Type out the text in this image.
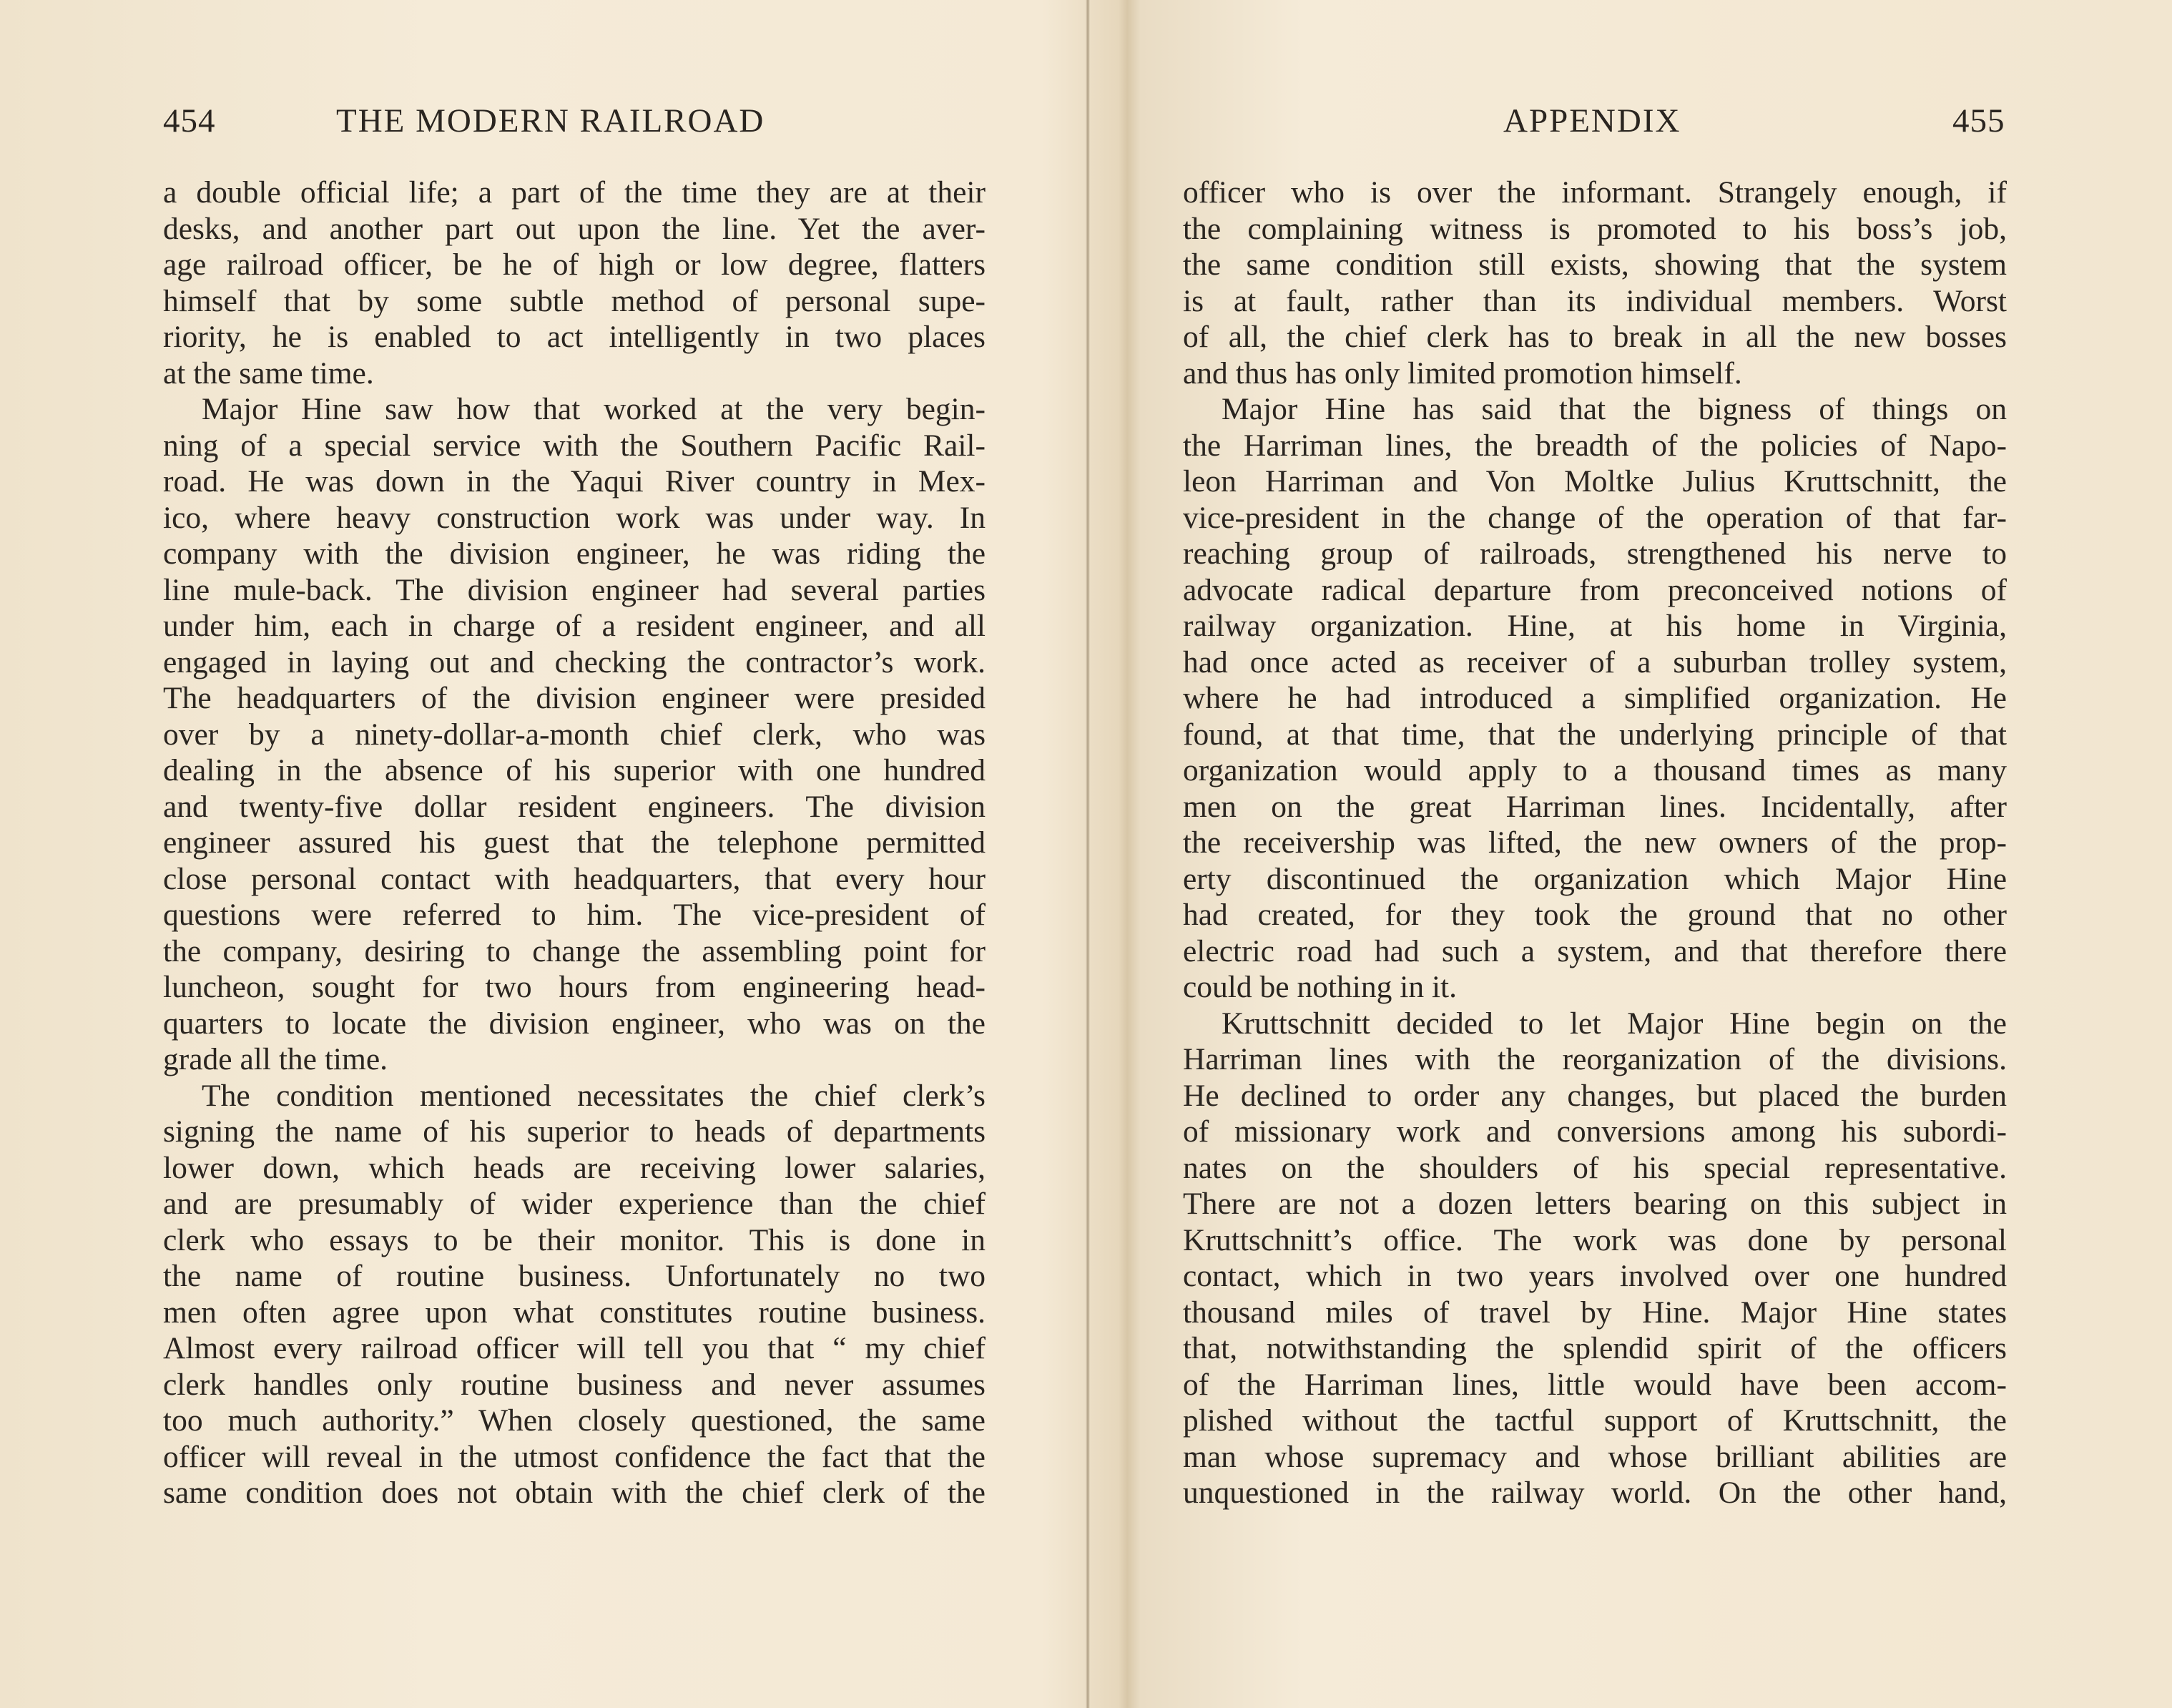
454	THE MODERN RAILROAD
a double official life; a part of the time they are at their
desks, and another part out upon the line. Yet the aver-
age railroad officer, be he of high or low degree, flatters
himself that by some subtle method of personal supe-
riority, he is enabled to act intelligently in two places
at the same time.
Major Hine saw how that worked at the very begin-
ning of a special service with the Southern Pacific Rail-
road. He was down in the Yaqui River country in Mex-
ico, where heavy construction work was under way. In
company with the division engineer, he was riding the
line mule-back. The division engineer had several parties
under him, each in charge of a resident engineer, and all
engaged in laying out and checking the contractor’s work.
The headquarters of the division engineer were presided
over by a ninety-dollar-a-month chief clerk, who was
dealing in the absence of his superior with one hundred
and twenty-five dollar resident engineers. The division
engineer assured his guest that the telephone permitted
close personal contact with headquarters, that every hour
questions were referred to him. The vice-president of
the company, desiring to change the assembling point for
luncheon, sought for two hours from engineering head-
quarters to locate the division engineer, who was on the
grade all the time.
The condition mentioned necessitates the chief clerk’s
signing the name of his superior to heads of departments
lower down, which heads are receiving lower salaries,
and are presumably of wider experience than the chief
clerk who essays to be their monitor. This is done in
the name of routine business. Unfortunately no two
men often agree upon what constitutes routine business.
Almost every railroad officer will tell you that “ my chief
clerk handles only routine business and never assumes
too much authority.” When closely questioned, the same
officer will reveal in the utmost confidence the fact that the
same condition does not obtain with the chief clerk of the
APPENDIX	455
officer who is over the informant. Strangely enough, if
the complaining witness is promoted to his boss’s job,
the same condition still exists, showing that the system
is at fault, rather than its individual members. Worst
of all, the chief clerk has to break in all the new bosses
and thus has only limited promotion himself.
Major Hine has said that the bigness of things on
the Harriman lines, the breadth of the policies of Napo-
leon Harriman and Von Moltke Julius Kruttschnitt, the
vice-president in the change of the operation of that far-
reaching group of railroads, strengthened his nerve to
advocate radical departure from preconceived notions of
railway organization. Hine, at his home in Virginia,
had once acted as receiver of a suburban trolley system,
where he had introduced a simplified organization. He
found, at that time, that the underlying principle of that
organization would apply to a thousand times as many
men on the great Harriman lines. Incidentally, after
the receivership was lifted, the new owners of the prop-
erty discontinued the organization which Major Hine
had created, for they took the ground that no other
electric road had such a system, and that therefore there
could be nothing in it.
Kruttschnitt decided to let Major Hine begin on the
Harriman lines with the reorganization of the divisions.
He declined to order any changes, but placed the burden
of missionary work and conversions among his subordi-
nates on the shoulders of his special representative.
There are not a dozen letters bearing on this subject in
Kruttschnitt’s office. The work was done by personal
contact, which in two years involved over one hundred
thousand miles of travel by Hine. Major Hine states
that, notwithstanding the splendid spirit of the officers
of the Harriman lines, little would have been accom-
plished without the tactful support of Kruttschnitt, the
man whose supremacy and whose brilliant abilities are
unquestioned in the railway world. On the other hand,
